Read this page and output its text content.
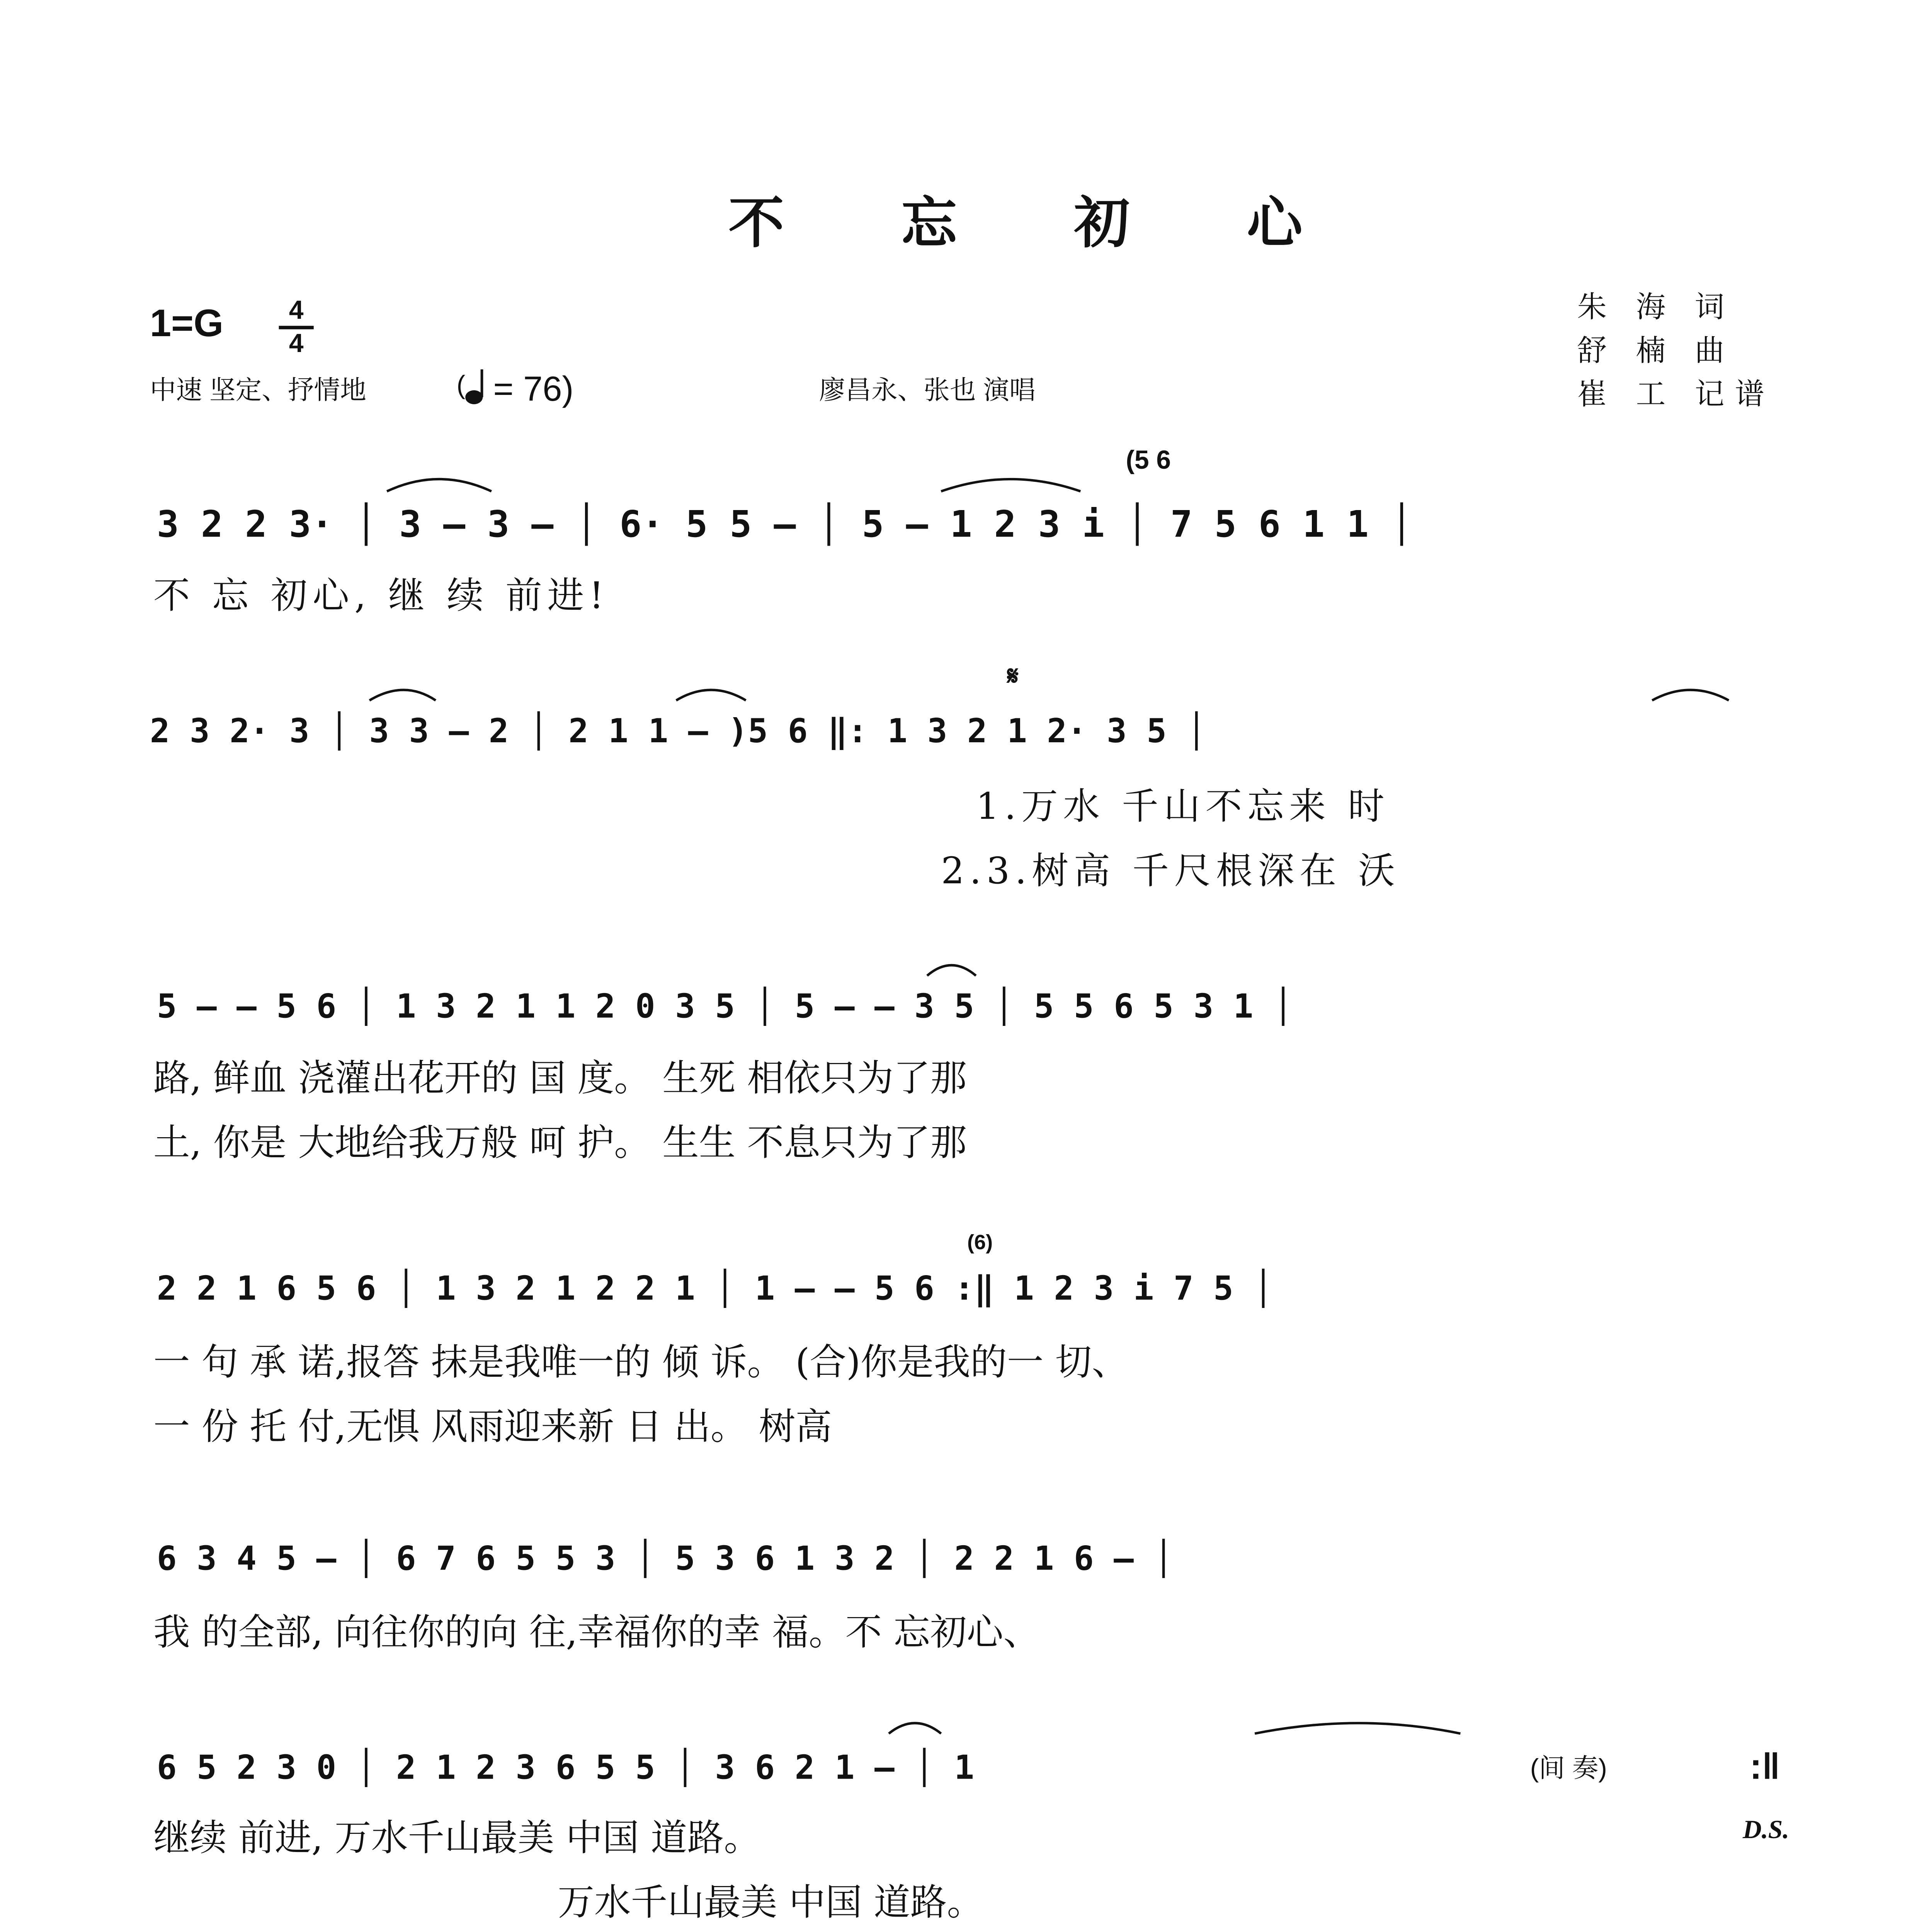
不 忘 初 心
1=G	4
4
中速 坚定、抒情地	(	= 76)	廖昌永、张也 演唱
朱 海 词
舒 楠 曲
崔 工 记谱
(5 6
3 2 2 3· │ 3 – 3 – │ 6· 5 5 – │ 5 – 1 2 3 i │ 7 5 6 1 1 │
不 忘 初心, 继 续 前进!
2 3 2· 3 │ 3 3 – 2 │ 2 1 1 – )5 6 ‖: 1 3 2 1 2· 3 5 │
𝄋
1.万水 千山不忘来 时
2.3.树高 千尺根深在 沃
5 – – 5 6 │ 1 3 2 1 1 2 0 3 5 │ 5 – – 3 5 │ 5 5 6 5 3 1 │
路, 鲜血 浇灌出花开的 国 度。 生死 相依只为了那
土, 你是 大地给我万般 呵 护。 生生 不息只为了那
(6)
2 2 1 6 5 6 │ 1 3 2 1 2 2 1 │ 1 – – 5 6 :‖ 1 2 3 i 7 5 │
一 句 承 诺,报答 抹是我唯一的 倾 诉。 (合)你是我的一 切、
一 份 托 付,无惧 风雨迎来新 日 出。 树高
6 3 4 5 – │ 6 7 6 5 5 3 │ 5 3 6 1 3 2 │ 2 2 1 6 – │
我 的全部, 向往你的向 往,幸福你的幸 福。不 忘初心、
6 5 2 3 0 │ 2 1 2 3 6 5 5 │ 3 6 2 1 – │ 1	(间 奏)	:‖
D.S.
继续 前进, 万水千山最美 中国 道路。
万水千山最美 中国 道路。
